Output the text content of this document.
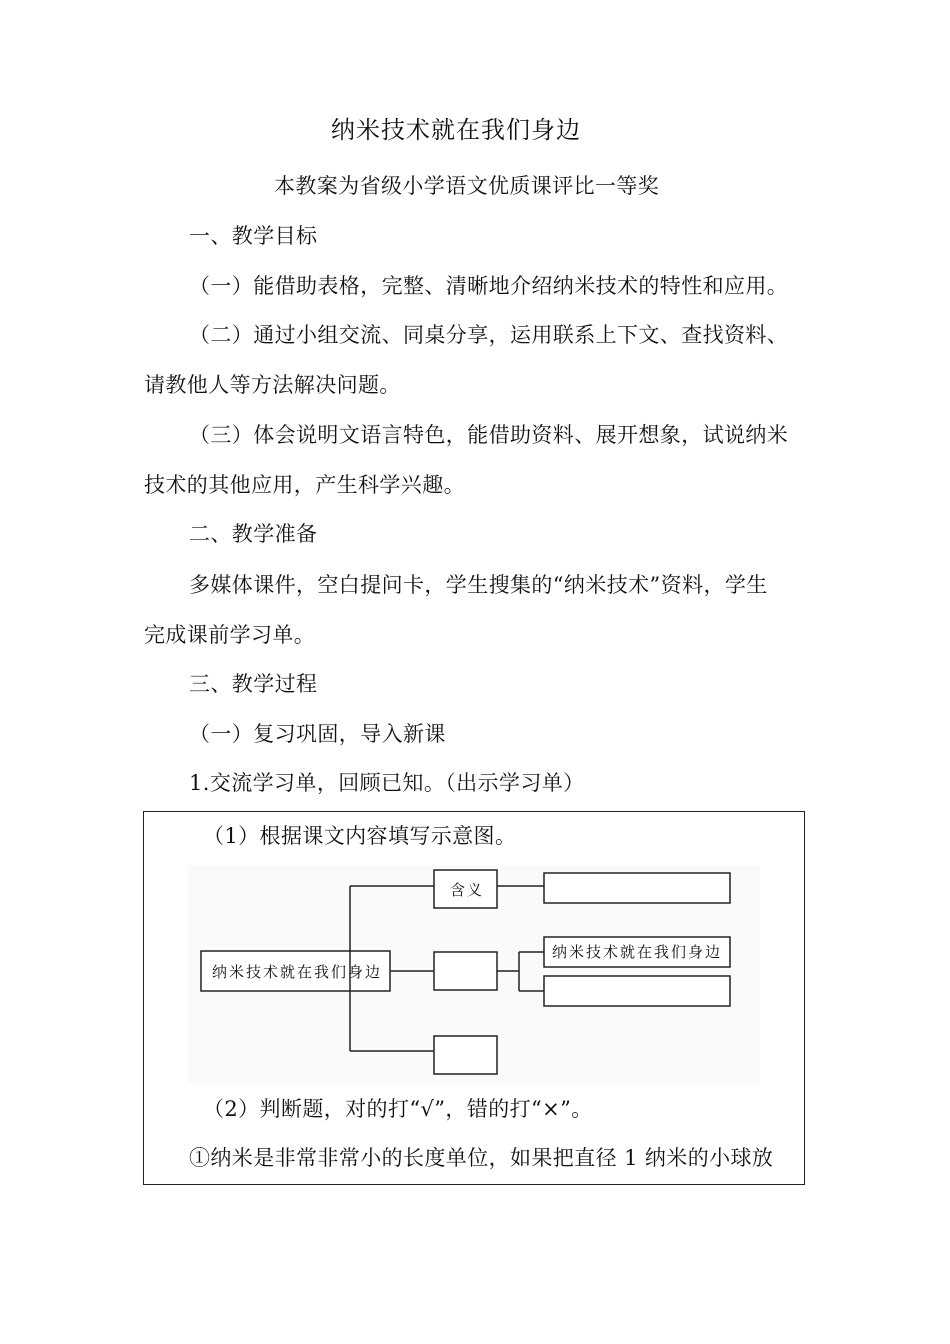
纳米技术就在我们身边
本教案为省级小学语文优质课评比一等奖
一、教学目标
（一）能借助表格，完整、清晰地介绍纳米技术的特性和应用。
（二）通过小组交流、同桌分享，运用联系上下文、查找资料、
请教他人等方法解决问题。
（三）体会说明文语言特色，能借助资料、展开想象，试说纳米
技术的其他应用，产生科学兴趣。
二、教学准备
多媒体课件，空白提问卡，学生搜集的“纳米技术”资料，学生
完成课前学习单。
三、教学过程
（一）复习巩固，导入新课
1.交流学习单，回顾已知。（出示学习单）
（1）根据课文内容填写示意图。
纳米技术就在我们身边
含义
纳米技术就在我们身边
（2）判断题，对的打“√”，错的打“×”。
①纳米是非常非常小的长度单位，如果把直径 1 纳米的小球放
